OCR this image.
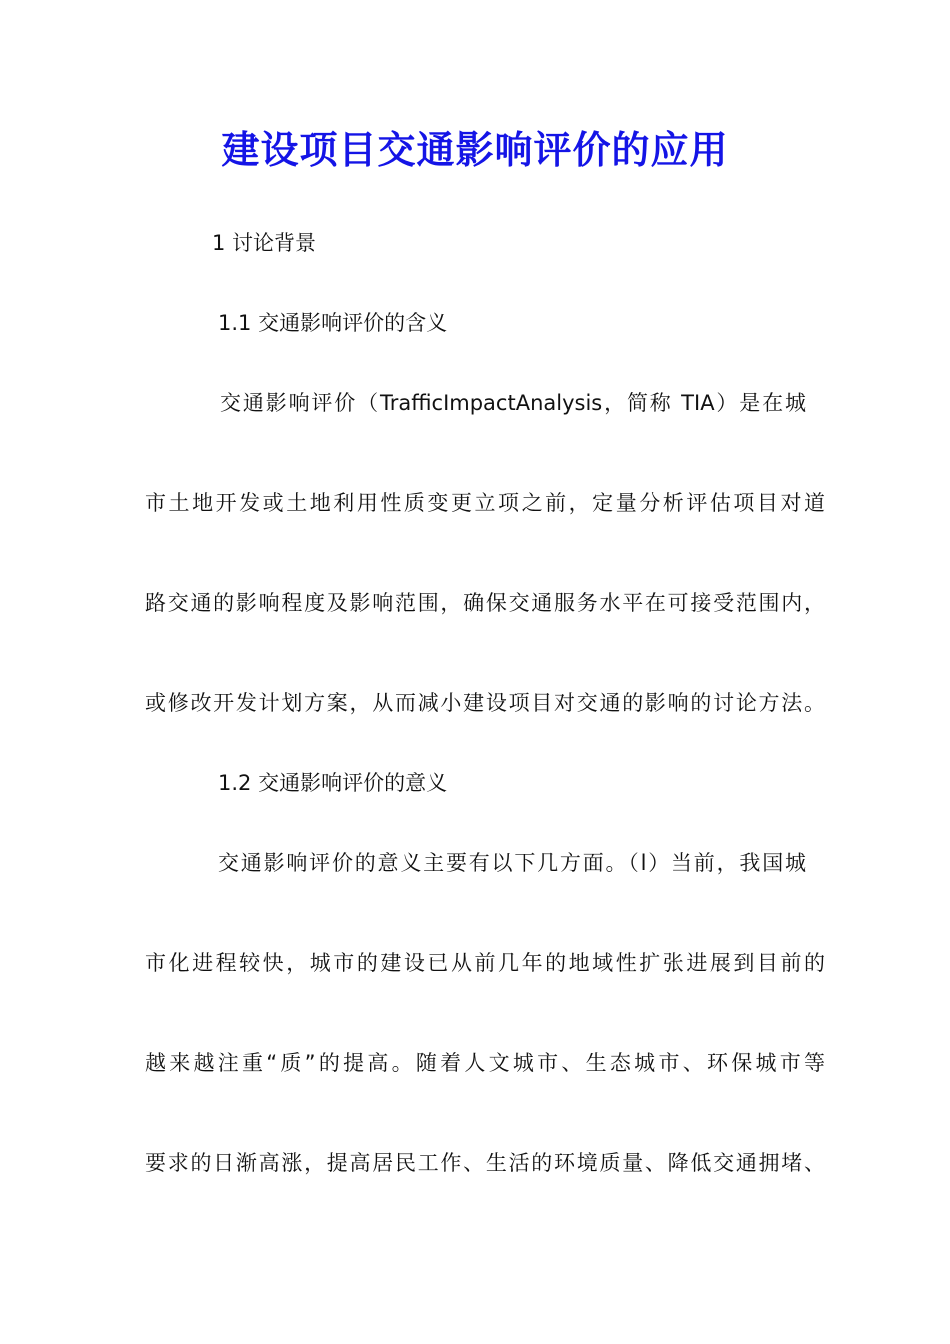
建设项目交通影响评价的应用

1 讨论背景

1.1 交通影响评价的含义

交通影响评价（TrafficImpactAnalysis，简称 TIA）是在城

市土地开发或土地利用性质变更立项之前，定量分析评估项目对道

路交通的影响程度及影响范围，确保交通服务水平在可接受范围内，

或修改开发计划方案，从而减小建设项目对交通的影响的讨论方法。

1.2 交通影响评价的意义

交通影响评价的意义主要有以下几方面。（l）当前，我国城

市化进程较快，城市的建设已从前几年的地域性扩张进展到目前的

越来越注重“质”的提高。随着人文城市、生态城市、环保城市等

要求的日渐高涨，提高居民工作、生活的环境质量、降低交通拥堵、
